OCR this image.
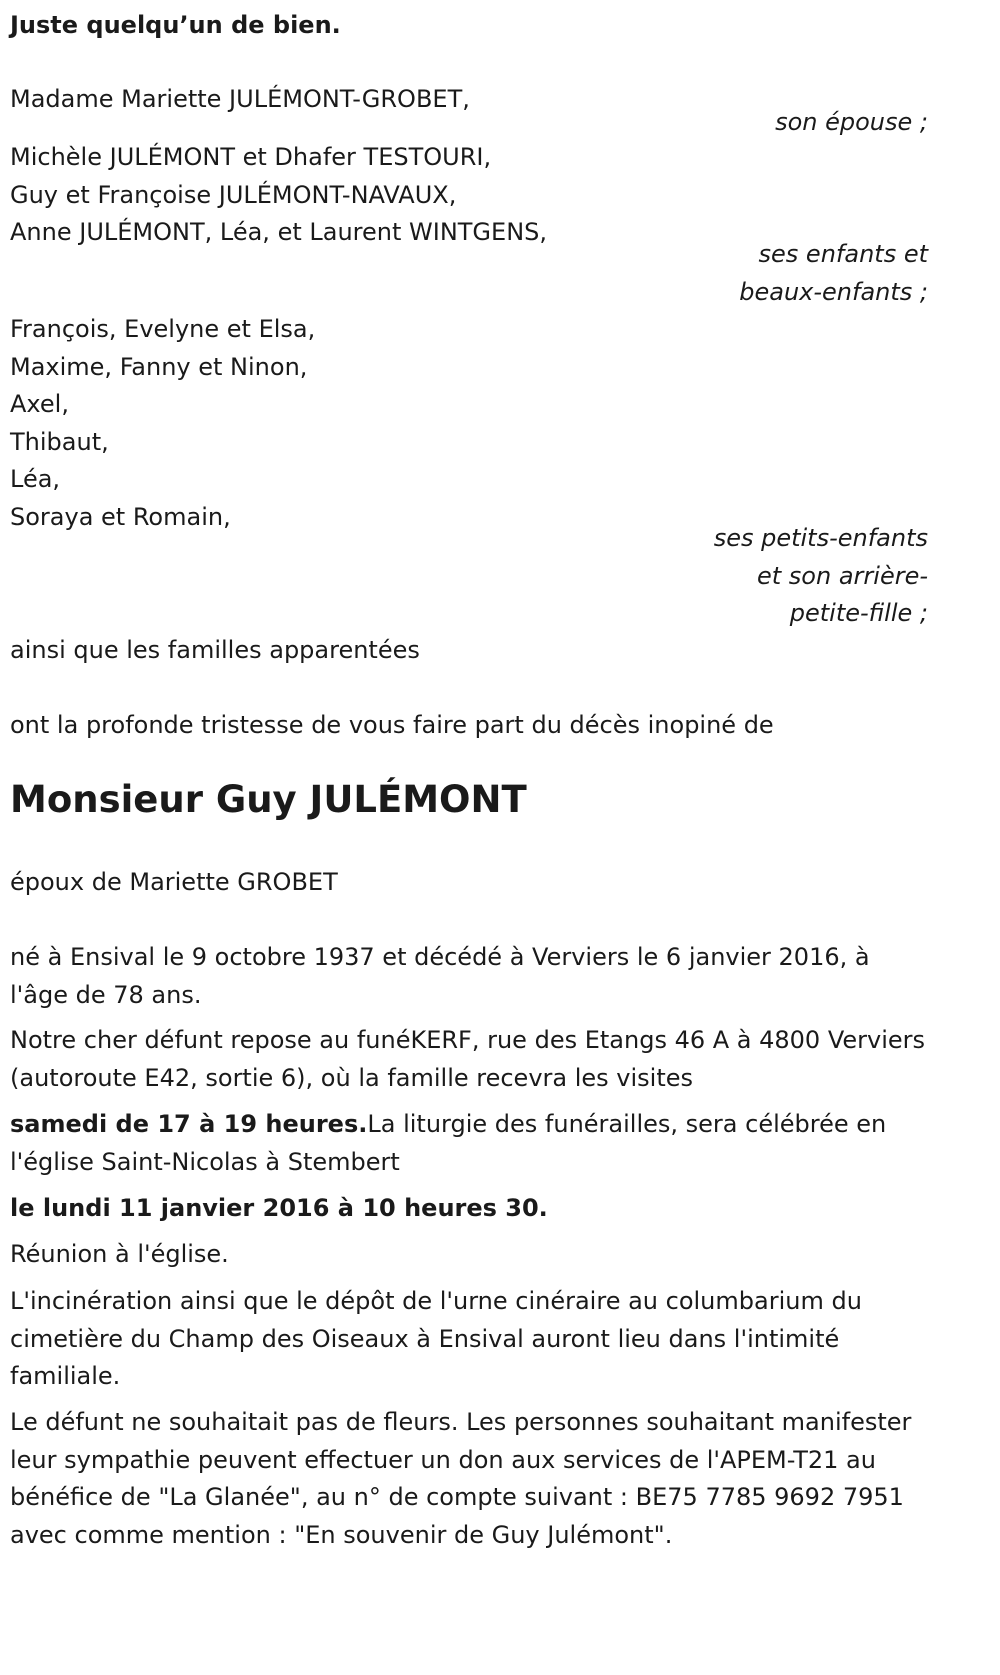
Juste quelqu’un de bien.
Madame Mariette JULÉMONT-GROBET,
son épouse ;
Michèle JULÉMONT et Dhafer TESTOURI,
Guy et Françoise JULÉMONT-NAVAUX,
Anne JULÉMONT, Léa, et Laurent WINTGENS,
ses enfants et
beaux-enfants ;
François, Evelyne et Elsa,
Maxime, Fanny et Ninon,
Axel,
Thibaut,
Léa,
Soraya et Romain,
ses petits-enfants
et son arrière-
petite-fille ;
ainsi que les familles apparentées
ont la profonde tristesse de vous faire part du décès inopiné de
Monsieur Guy JULÉMONT
époux de Mariette GROBET
né à Ensival le 9 octobre 1937 et décédé à Verviers le 6 janvier 2016, à l'âge de 78 ans.
Notre cher défunt repose au funéKERF, rue des Etangs 46 A à 4800 Verviers (autoroute E42, sortie 6), où la famille recevra les visites
samedi de 17 à 19 heures.La liturgie des funérailles, sera célébrée en l'église Saint-Nicolas à Stembert
le lundi 11 janvier 2016 à 10 heures 30.
Réunion à l'église.
L'incinération ainsi que le dépôt de l'urne cinéraire au columbarium du cimetière du Champ des Oiseaux à Ensival auront lieu dans l'intimité familiale.
Le défunt ne souhaitait pas de fleurs. Les personnes souhaitant manifester leur sympathie peuvent effectuer un don aux services de l'APEM-T21 au bénéfice de "La Glanée", au n° de compte suivant : BE75 7785 9692 7951 avec comme mention : "En souvenir de Guy Julémont".
